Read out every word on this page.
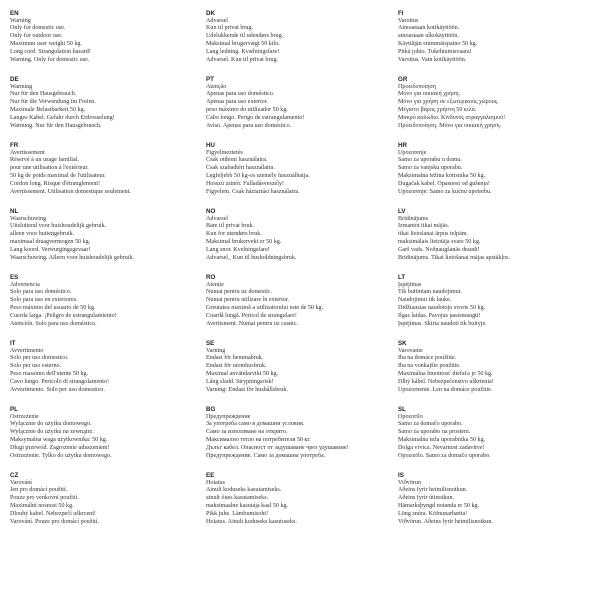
EN
Warning
Only for domestic use.
Only for outdoor use.
Maximum user weight 50 kg.
Long cord. Strangulation hazard!
Warning. Only for domestic use.
DE
Warnung
Nur für den Hausgebrauch.
Nur für die Verwendung im Freien.
Maximale Belastbarkeit 50 kg.
Langes Kabel. Gefahr durch Erdrosselung!
Warnung. Nur für den Hausgebrauch.
FR
Avertissement
Réservé à un usage familial.
pour une utilisation à l'extérieur.
50 kg de poids maximal de l'utilisateur.
Cordon long. Risque d'étranglement!
Avertissement. Utilisation domestique seulement.
NL
Waarschuwing
Uitsluitend voor huishoudelijk gebruik.
alleen voor buitengebruik.
maximaal draagvermogen 50 kg.
Lang koord. Verwurgingsgevaar!
Waarschuwing. Alleen voor huishoudelijk gebruik.
ES
Advertencia
Solo para uso doméstico.
Solo para uso en exteriores.
Peso máximo del usuario de 50 kg.
Cuerda larga. ¡Peligro de estrangulamiento!
Atención. Solo para uso doméstico.
IT
Avvertimento
Solo per uso domestico.
Solo per uso esterno.
Peso massimo dell'utente 50 kg.
Cavo lungo. Pericolo di strangolamento!
Avvertimento. Solo per uso domestico.
PL
Ostrzeżenie
Wyłącznie do użytku domowego.
Wyłącznie do użytku na zewnątrz.
Maksymalna waga użytkownika: 50 kg.
Długi przewód. Zagrożenie uduszeniem!
Ostrzeżenie. Tylko do użytku domowego.
CZ
Varování
Jen pro domácí použití.
Pouze pro venkovní použití.
Maximální nosnost 50 kg.
Dlouhý kabel. Nebezpečí uškrcení!
Varování. Pouze pro domácí použití.
DK
Advarsel
Kun til privat brug.
Udelukkende til udendørs brug.
Maksimal brugervægt 50 kilo.
Lang ledning. Kvælningsfare!
Advarsel. Kun til privat brug.
PT
Atenção
Apenas para uso doméstico.
Apenas para uso exterior.
peso máximo do utilizador 50 kg.
Cabo longo. Perigo de estrangulamento!
Aviso. Apenas para uso doméstico.
HU
Figyelmeztetés
Csak otthoni használatra.
Csak szabadtéri használatra.
Legfeljebb 50 kg-os személy használhatja.
Hosszú zsinór. Fulladásveszély!
Figyelem. Csak háztartási használatra.
NO
Advarsel
Bare til privat bruk.
Kun for utendørs bruk.
Maksimal brukervekt er 50 kg.
Lang snor. Kvelningsfare!
Advarsel_ Kun til husholdningsbruk.
RO
Atenție
Numai pentru uz domestic.
Numai pentru utilizare în exterior.
Greutatea maximă a utilizatorului este de 50 kg.
Coardă lungă. Pericol de strangulare!
Avertisment. Numai pentru uz casnic.
SE
Varning
Endast för hemmabruk.
Endast för utomhusbruk.
Maximal användarvikt 50 kg.
Lång sladd. Strypningsrisk!
Varning: Endast för hushållsbruk.
BG
Предупреждение
За употреба само в домашни условия.
Само за използване на открито.
Максимално тегло на потребителя 50 кг.
Дълъг кабел. Опасност от задушаване чрез удушаване!
Предупреждение. Само за домашна употреба.
EE
Hoiatus
Ainult koduseks kasutamiseks.
ainult õues kasutamiseks.
maksimaalne kasutaja kaal 50 kg.
Pikk juhe. Lämbumisoht!
Hoiatus. Ainult koduseks kasutuseks.
FI
Varoitus
Ainoastaan kotikäyttöön.
ainoastaan ulkokäyttöön.
Käyttäjän enimmäispaino 50 kg.
Pitkä johto. Tukehtumisvaara!
Varoitus. Vain kotikäyttöön.
GR
Προειδοποίηση
Μόνο για οικιακή χρήση.
Μόνο για χρήση σε εξωτερικούς χώρους.
Μέγιστο βάρος χρήστη 50 κιλά.
Μακρύ καλώδιο. Κίνδυνος στραγγαλισμού!
Προειδοποίηση. Μόνο για οικιακή χρήση.
HR
Upozorenje
Samo za uporabu u domu.
Samo za vanjsku uporabu.
Maksimalna težina korisnika 50 kg.
Dugačak kabel. Opasnost od gušenja!
Upozorenje: Samo za kućnu upotrebu.
LV
Brīdinājums
Izmantot tikai mājās.
tikai lietošanai ārpus telpām.
maksimālais lietotāja svars 50 kg.
Garš vads. Nožņaugšanās draudi!
Brīdinājums. Tikai lietošanai mājas apstākļos.
LT
Įspėjimas
Tik buitiniam naudojimui.
Naudojimui tik lauke.
Didžiausias naudotojo svoris 50 kg.
Ilgas laidas. Pavojus pasismaugti!
Įspėjimas. Skirta naudoti tik buityje.
SK
Varovanie
Iba na domáce použitie.
Iba na vonkajšie použitie.
Maximálna hmotnosť diefaťa je 50 kg.
Dlhý kábel. Nebezpečenstvo uškrtenia!
Upozornenie. Len na domáce použitie.
SL
Opozorilo
Samo za domačo uporabo.
Samo za uporabo na prostem.
Maksimalna teža uporabnika 50 kg.
Dolga vrvica. Nevarnost zadavitve!
Opozorilo. Samo za domačo uporabo.
IS
Viðvörun
Aðeins fyrir heimilisnotkun.
Aðeins fyrir útinotkun.
Hámarksþyngd notanda er 50 kg.
Löng snúra. Köfnunarhætta!
Viðvörun. Aðeins fyrir heimilisnotkun.
